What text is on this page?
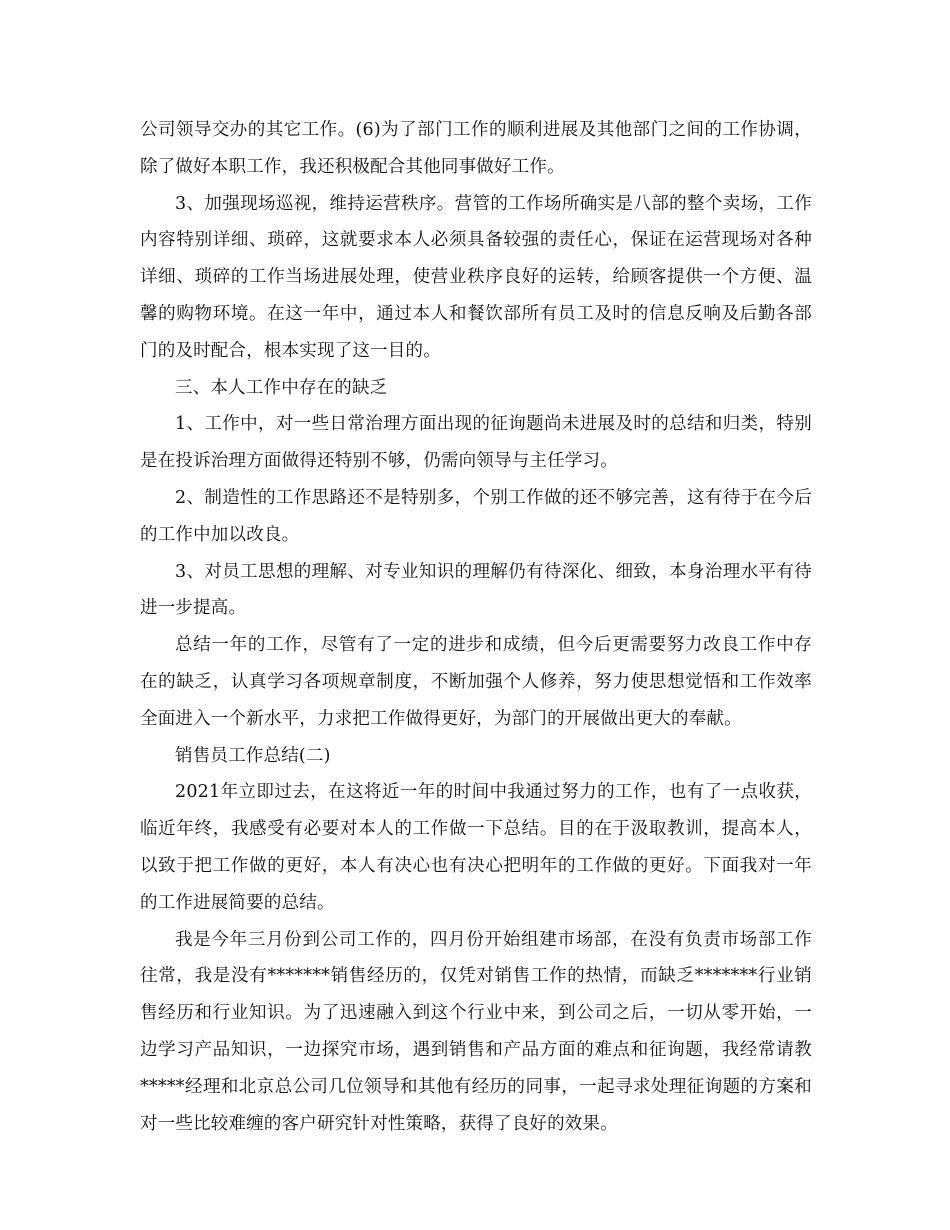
公司领导交办的其它工作。(6)为了部门工作的顺利进展及其他部门之间的工作协调，除了做好本职工作，我还积极配合其他同事做好工作。

3、加强现场巡视，维持运营秩序。营管的工作场所确实是八部的整个卖场，工作内容特别详细、琐碎，这就要求本人必须具备较强的责任心，保证在运营现场对各种详细、琐碎的工作当场进展处理，使营业秩序良好的运转，给顾客提供一个方便、温馨的购物环境。在这一年中，通过本人和餐饮部所有员工及时的信息反响及后勤各部门的及时配合，根本实现了这一目的。

三、本人工作中存在的缺乏

1、工作中，对一些日常治理方面出现的征询题尚未进展及时的总结和归类，特别是在投诉治理方面做得还特别不够，仍需向领导与主任学习。

2、制造性的工作思路还不是特别多，个别工作做的还不够完善，这有待于在今后的工作中加以改良。

3、对员工思想的理解、对专业知识的理解仍有待深化、细致，本身治理水平有待进一步提高。

总结一年的工作，尽管有了一定的进步和成绩，但今后更需要努力改良工作中存在的缺乏，认真学习各项规章制度，不断加强个人修养，努力使思想觉悟和工作效率全面进入一个新水平，力求把工作做得更好，为部门的开展做出更大的奉献。

销售员工作总结(二)

2021年立即过去，在这将近一年的时间中我通过努力的工作，也有了一点收获，临近年终，我感受有必要对本人的工作做一下总结。目的在于汲取教训，提高本人，以致于把工作做的更好，本人有决心也有决心把明年的工作做的更好。下面我对一年的工作进展简要的总结。

我是今年三月份到公司工作的，四月份开始组建市场部，在没有负责市场部工作往常，我是没有*******销售经历的，仅凭对销售工作的热情，而缺乏*******行业销售经历和行业知识。为了迅速融入到这个行业中来，到公司之后，一切从零开始，一边学习产品知识，一边探究市场，遇到销售和产品方面的难点和征询题，我经常请教*****经理和北京总公司几位领导和其他有经历的同事，一起寻求处理征询题的方案和对一些比较难缠的客户研究针对性策略，获得了良好的效果。
